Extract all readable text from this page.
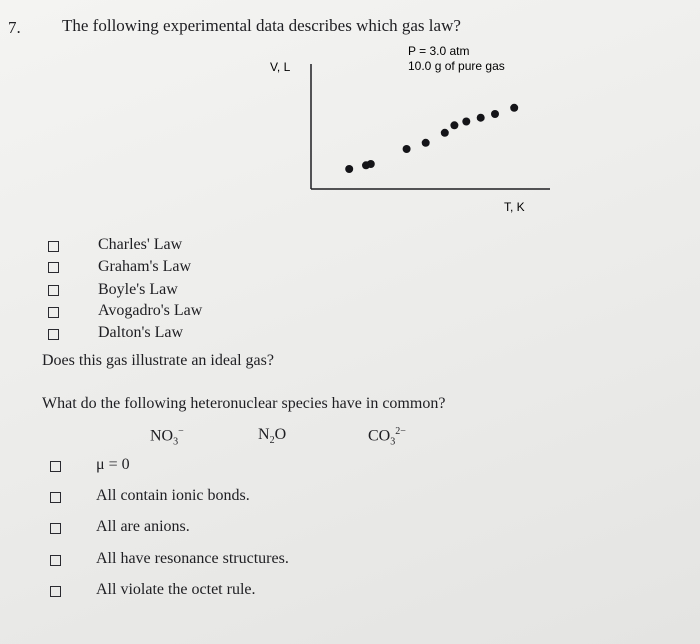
7. The following experimental data describes which gas law?
V, L
P = 3.0 atm
10.0 g of pure gas
T, K
Charles' Law
Graham's Law
Boyle's Law
Avogadro's Law
Dalton's Law
Does this gas illustrate an ideal gas?
What do the following heteronuclear species have in common?
$NO_3^-$	$N_2O$	$CO_3^{2-}$
μ = 0
All contain ionic bonds.
All are anions.
All have resonance structures.
All violate the octet rule.
